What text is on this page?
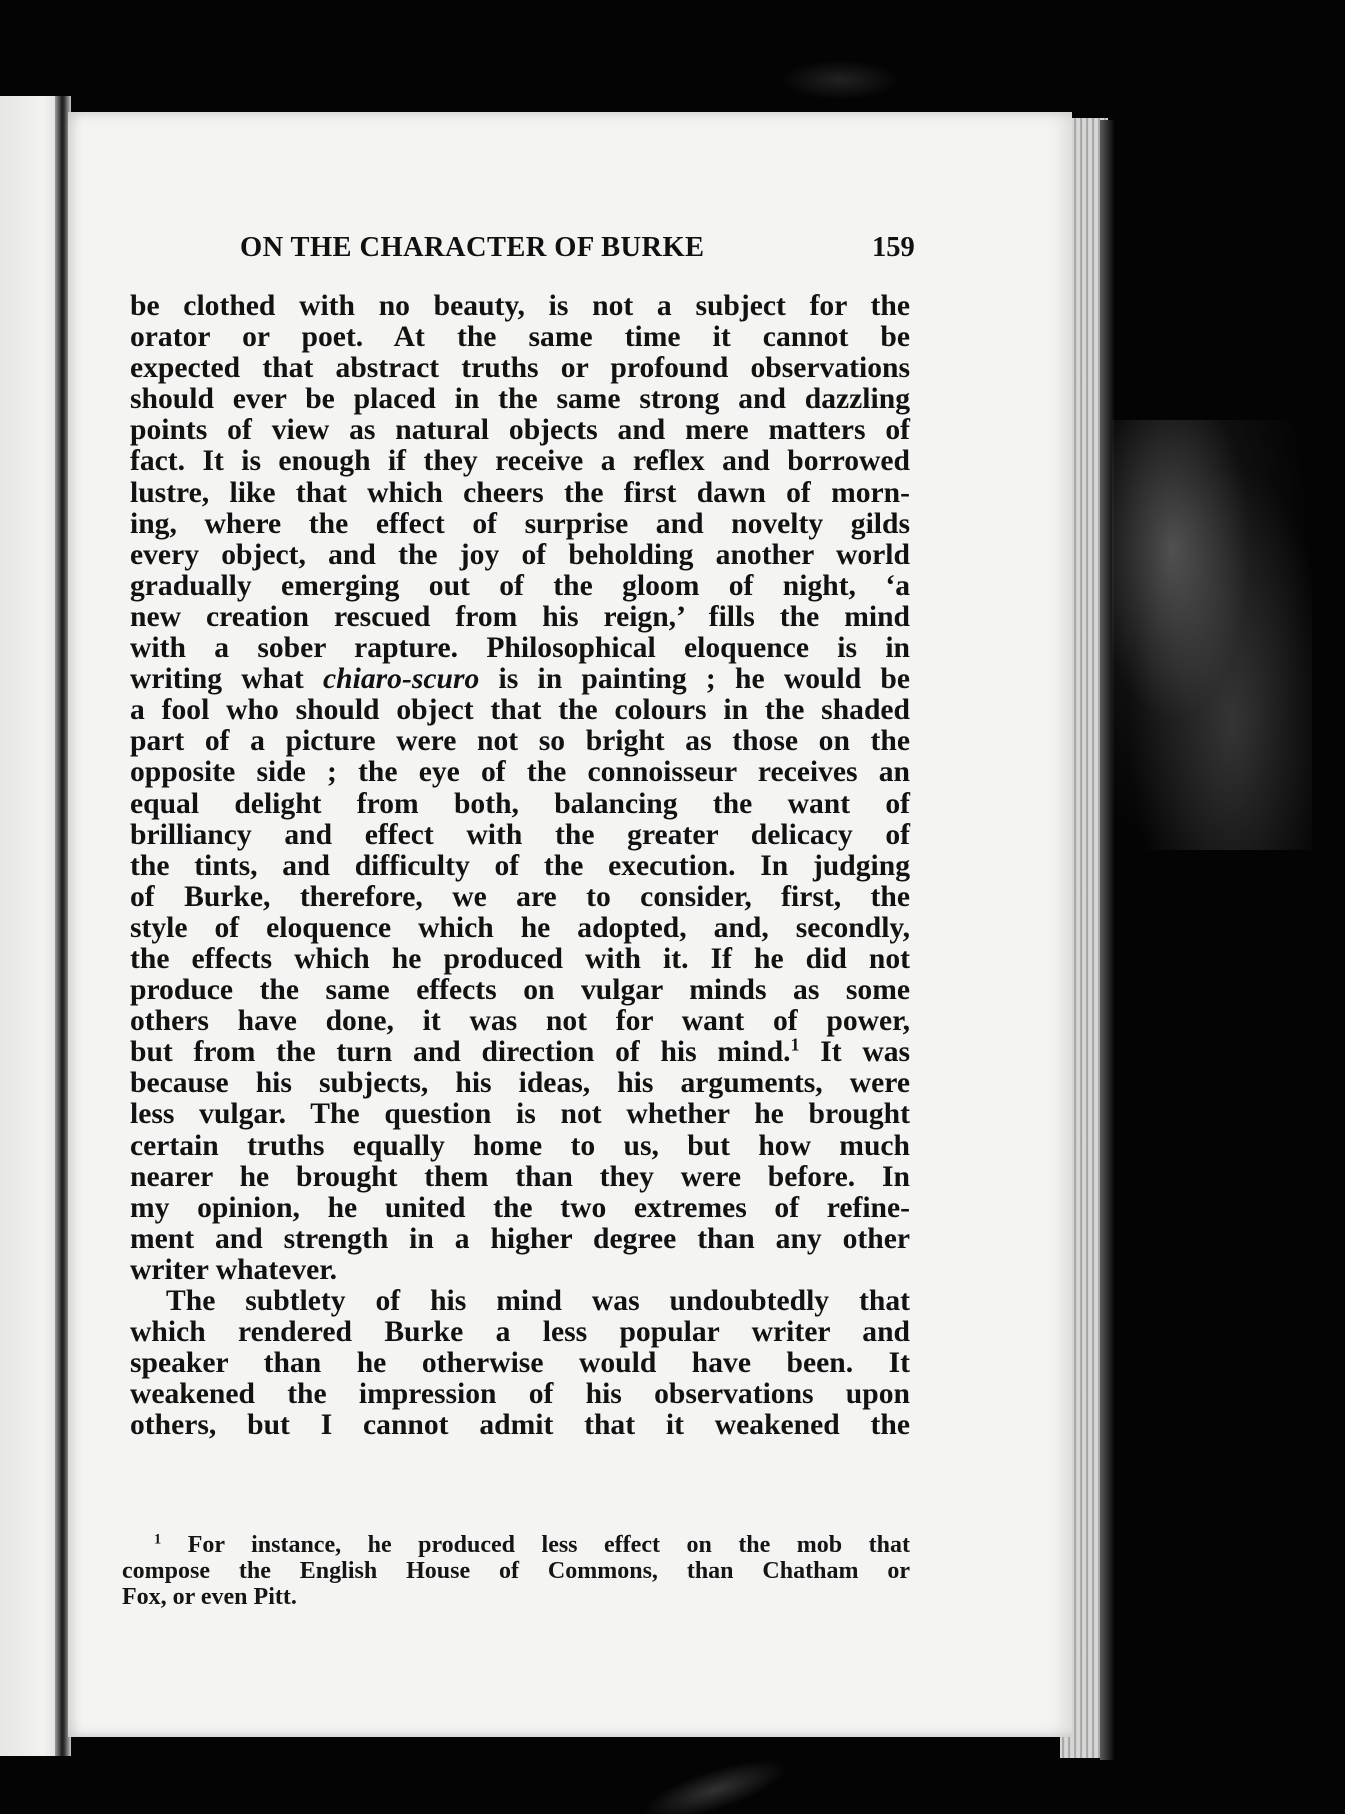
ON THE CHARACTER OF BURKE	159
be clothed with no beauty, is not a subject for the
orator or poet. At the same time it cannot be
expected that abstract truths or profound observations
should ever be placed in the same strong and dazzling
points of view as natural objects and mere matters of
fact. It is enough if they receive a reflex and borrowed
lustre, like that which cheers the first dawn of morn-
ing, where the effect of surprise and novelty gilds
every object, and the joy of beholding another world
gradually emerging out of the gloom of night, ‘a
new creation rescued from his reign,’ fills the mind
with a sober rapture. Philosophical eloquence is in
writing what chiaro-scuro is in painting ; he would be
a fool who should object that the colours in the shaded
part of a picture were not so bright as those on the
opposite side ; the eye of the connoisseur receives an
equal delight from both, balancing the want of
brilliancy and effect with the greater delicacy of
the tints, and difficulty of the execution. In judging
of Burke, therefore, we are to consider, first, the
style of eloquence which he adopted, and, secondly,
the effects which he produced with it. If he did not
produce the same effects on vulgar minds as some
others have done, it was not for want of power,
but from the turn and direction of his mind.$^1$ It was
because his subjects, his ideas, his arguments, were
less vulgar. The question is not whether he brought
certain truths equally home to us, but how much
nearer he brought them than they were before. In
my opinion, he united the two extremes of refine-
ment and strength in a higher degree than any other
writer whatever.
The subtlety of his mind was undoubtedly that
which rendered Burke a less popular writer and
speaker than he otherwise would have been. It
weakened the impression of his observations upon
others, but I cannot admit that it weakened the
$^1$ For instance, he produced less effect on the mob that
compose the English House of Commons, than Chatham or
Fox, or even Pitt.
